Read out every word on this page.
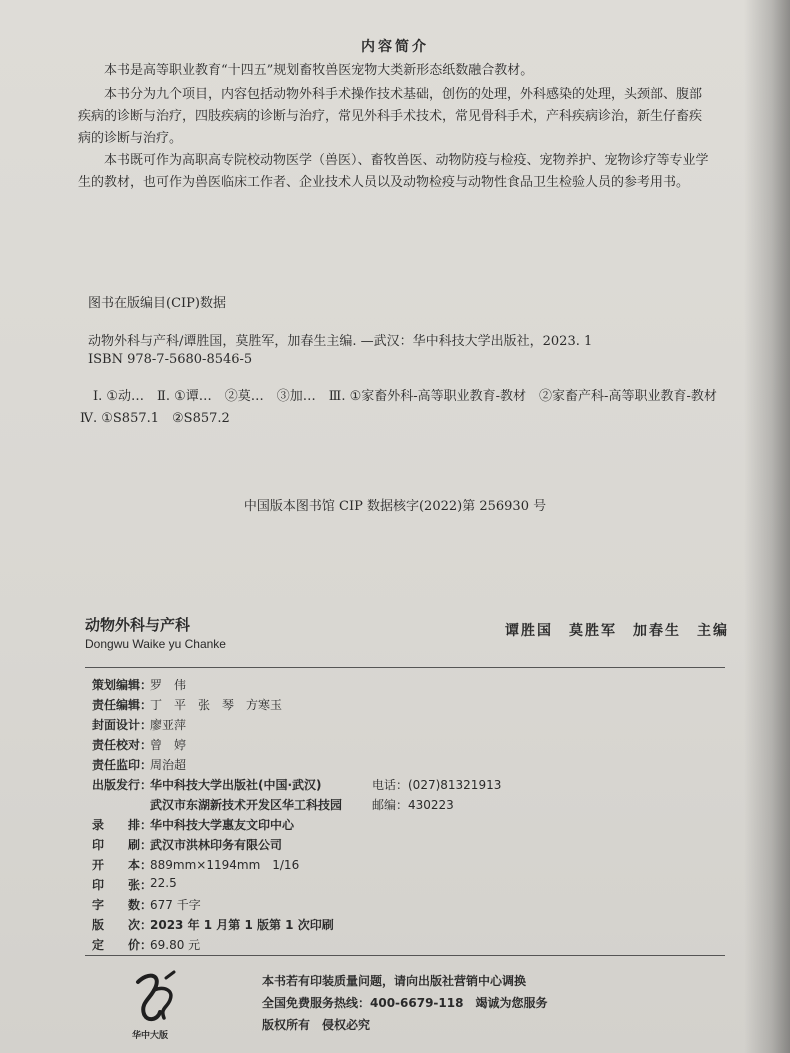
内容简介
本书是高等职业教育“十四五”规划畜牧兽医宠物大类新形态纸数融合教材。
本书分为九个项目，内容包括动物外科手术操作技术基础，创伤的处理，外科感染的处理，头颈部、腹部疾病的诊断与治疗，四肢疾病的诊断与治疗，常见外科手术技术，常见骨科手术，产科疾病诊治，新生仔畜疾病的诊断与治疗。
本书既可作为高职高专院校动物医学（兽医）、畜牧兽医、动物防疫与检疫、宠物养护、宠物诊疗等专业学生的教材，也可作为兽医临床工作者、企业技术人员以及动物检疫与动物性食品卫生检验人员的参考用书。
图书在版编目(CIP)数据
动物外科与产科/谭胜国，莫胜军，加春生主编. —武汉：华中科技大学出版社，2023. 1
ISBN 978-7-5680-8546-5
Ⅰ. ①动…　Ⅱ. ①谭…　②莫…　③加…　Ⅲ. ①家畜外科-高等职业教育-教材　②家畜产科-高等职业教育-教材　Ⅳ. ①S857.1　②S857.2
中国版本图书馆 CIP 数据核字(2022)第 256930 号
动物外科与产科
Dongwu Waike yu Chanke
谭胜国　莫胜军　加春生　主编
策划编辑：
罗　伟
责任编辑：
丁　平　张　琴　方寒玉
封面设计：
廖亚萍
责任校对：
曾　婷
责任监印：
周治超
出版发行：
华中科技大学出版社(中国·武汉)	电话：(027)81321913
武汉市东湖新技术开发区华工科技园 邮编：430223
录　　排：
华中科技大学惠友文印中心
印　　刷：
武汉市洪林印务有限公司
开　　本：
889mm×1194mm　1/16
印　　张：
22.5
字　　数：
677 千字
版　　次：
2023 年 1 月第 1 版第 1 次印刷
定　　价：
69.80 元
华中大版
本书若有印装质量问题，请向出版社营销中心调换
全国免费服务热线：400-6679-118　竭诚为您服务
版权所有　侵权必究
